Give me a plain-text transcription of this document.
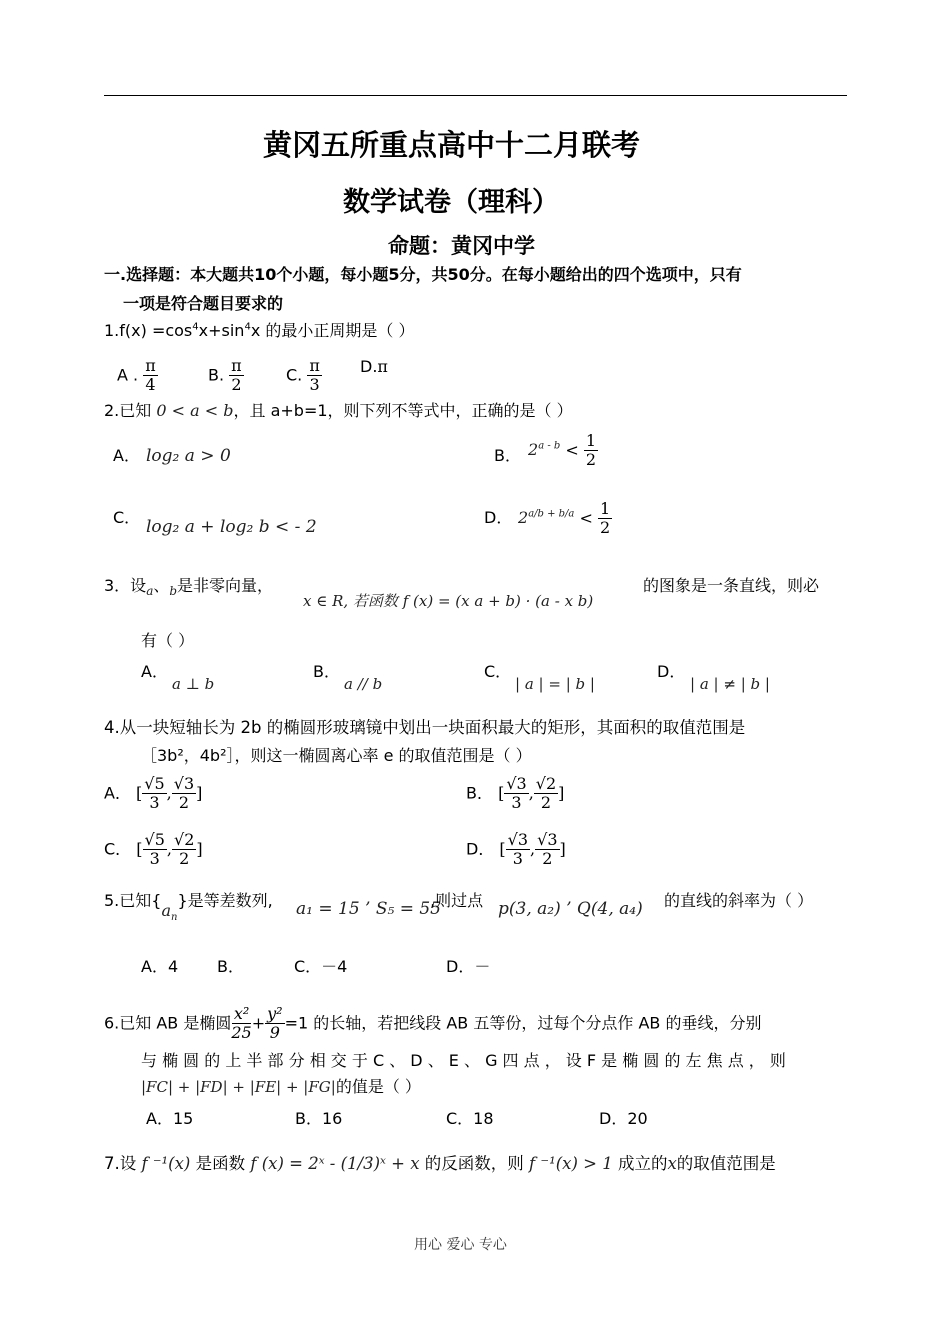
黄冈五所重点高中十二月联考
数学试卷（理科）
命题：黄冈中学
一.选择题：本大题共10个小题，每小题5分，共50分。在每小题给出的四个选项中，只有
一项是符合题目要求的
$1.f(x) =\cos^4x+\sin^4x$ 的最小正周期是（ ）
A . $\frac{\pi}{4}$	B. $\frac{\pi}{2}$	C. $\frac{\pi}{3} D.\pi$
2.已知 0 < a < b，且 a+b=1，则下列不等式中，正确的是（ ）
A． log₂ a > 0	B． $2^{a - b} < \frac{1}{2}$
C． log₂ a + log₂ b < - 2	D． $2^{a/b + b/a} < \frac{1}{2}$
3．设$_a$、$_b$是非零向量，
x ∈ R, 若函数 f (x) = (x a + b) · (a - x b)
的图象是一条直线，则必
有（ ）
A．
a ⊥ b
B．
a // b
C．
| a | = | b |
D．
| a | ≠ | b |
4.从一块短轴长为 2b 的椭圆形玻璃镜中划出一块面积最大的矩形，其面积的取值范围是
［3b²，4b²］，则这一椭圆离心率 e 的取值范围是（ ）
A． [ $\frac{√5}{3}$ , $\frac{√3}{2}$ ]	B． [ $\frac{√3}{3}$ , $\frac{√2}{2}$ ]
C． [ $\frac{√5}{3}$ , $\frac{√2}{2}$ ]	D． [ $\frac{√3}{3}$ , $\frac{√3}{2}$ ]
5.已知$\{a_n\}$是等差数列, a₁ = 15 ’ S₅ = 55
,则过点 p(3, a₂) ’ Q(4, a₄) 的直线的斜率为（ ）
A．4 B．	C．－4	D．－
6.已知 AB 是椭圆 $\frac{\text{x²}}{25} + \frac{\text{y²}}{9} =1$ 的长轴，若把线段 AB 五等份，过每个分点作 AB 的垂线，分别
与 椭 圆 的 上 半 部 分 相 交 于 C 、 D 、 E 、 G 四 点 ， 设 F 是 椭 圆 的 左 焦 点 ， 则
|FC| + |FD| + |FE| + |FG|的值是（ ）
A．15	B．16	C．18	D．20
7.设 f ⁻¹(x) 是函数 f (x) = 2ˣ - (1/3)ˣ + x 的反函数，则 f ⁻¹(x) > 1 成立的x的取值范围是
用心 爱心 专心
